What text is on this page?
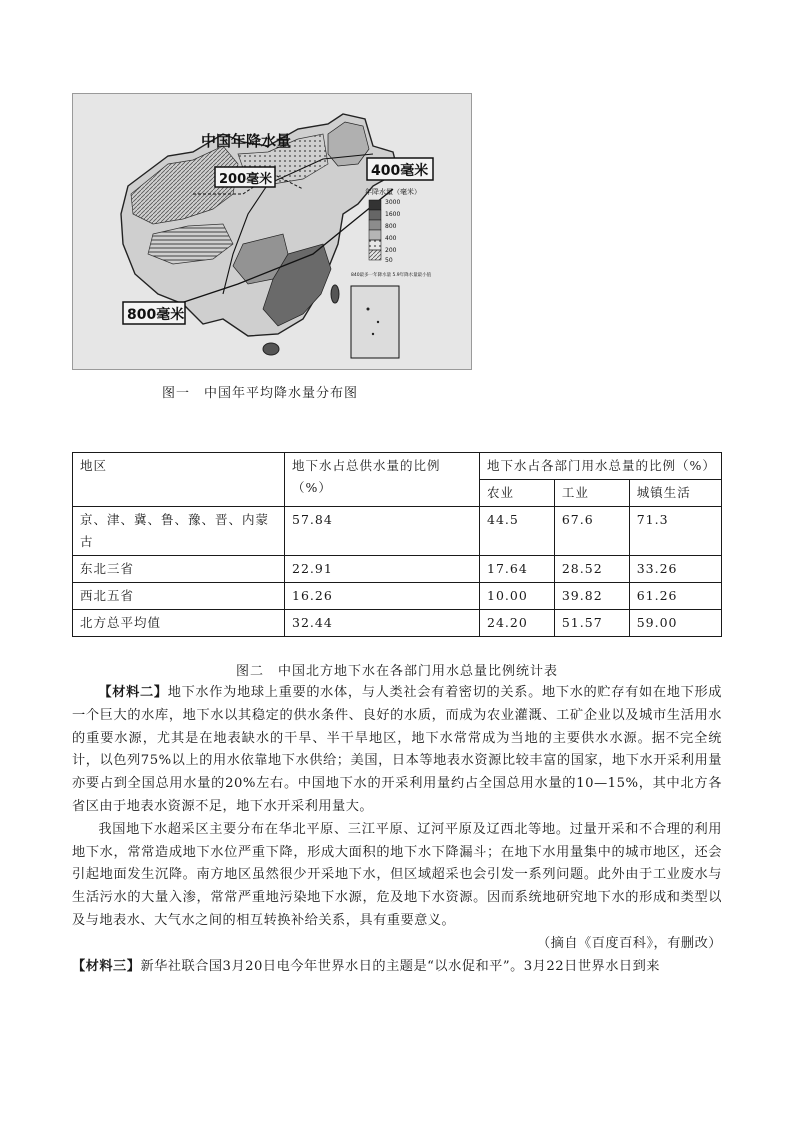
中国年降水量
200毫米
400毫米
800毫米
年降水量（毫米）
3000
1600
800
400
200
50
840最多一年降水量 5.9年降水量最小值
图一　中国年平均降水量分布图
地区	地下水占总供水量的比例（%）	地下水占各部门用水总量的比例（%）		
		农业	工业	城镇生活
京、津、冀、鲁、豫、晋、内蒙古	57.84	44.5	67.6	71.3
东北三省	22.91	17.64	28.52	33.26
西北五省	16.26	10.00	39.82	61.26
北方总平均值	32.44	24.20	51.57	59.00
图二　中国北方地下水在各部门用水总量比例统计表

【材料二】地下水作为地球上重要的水体，与人类社会有着密切的关系。地下水的贮存有如在地下形成一个巨大的水库，地下水以其稳定的供水条件、良好的水质，而成为农业灌溉、工矿企业以及城市生活用水的重要水源，尤其是在地表缺水的干旱、半干旱地区，地下水常常成为当地的主要供水水源。据不完全统计，以色列75%以上的用水依靠地下水供给；美国，日本等地表水资源比较丰富的国家，地下水开采利用量亦要占到全国总用水量的20%左右。中国地下水的开采利用量约占全国总用水量的10—15%，其中北方各省区由于地表水资源不足，地下水开采利用量大。

我国地下水超采区主要分布在华北平原、三江平原、辽河平原及辽西北等地。过量开采和不合理的利用地下水，常常造成地下水位严重下降，形成大面积的地下水下降漏斗；在地下水用量集中的城市地区，还会引起地面发生沉降。南方地区虽然很少开采地下水，但区域超采也会引发一系列问题。此外由于工业废水与生活污水的大量入渗，常常严重地污染地下水源，危及地下水资源。因而系统地研究地下水的形成和类型以及与地表水、大气水之间的相互转换补给关系，具有重要意义。

（摘自《百度百科》，有删改）

【材料三】新华社联合国3月20日电今年世界水日的主题是“以水促和平”。3月22日世界水日到来
